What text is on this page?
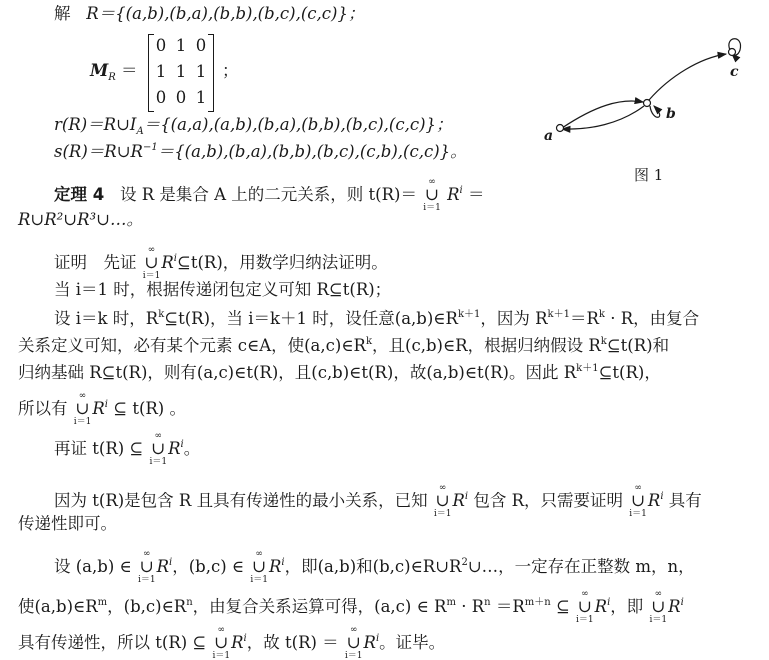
解 R＝{(a,b),(b,a),(b,b),(b,c),(c,c)}；
$M_R$ ＝
0 1 0
1 1 1
0 0 1
；
$r(R)=R\cup I_A=\{(a,a),(a,b),(b,a),(b,b),(b,c),(c,c)\}$；
$s(R)=R\cup R^{-1}=\{(a,b),(b,a),(b,b),(b,c),(c,b),(c,c)\}$。
a
b
c
图 1
定理 4 设 R 是集合 A 上的二元关系，则 t(R)＝
∞
∪
i＝1
$R^i$ ＝
R∪R²∪R³∪…。
证明　先证
∞
∪
i＝1
$R^i⊆t(R)$，用数学归纳法证明。
当 i＝1 时，根据传递闭包定义可知 R⊆t(R)；
设 i＝k 时，$R^k⊆t(R)$，当 i＝k＋1 时，设任意$(a,b)\in R^{k+1}$，因为 $R^{k+1}=R^k \cdot R$，由复合
关系定义可知，必有某个元素 c∈A，使$(a,c)\in R^k$，且(c,b)∈R，根据归纳假设 $R^k⊆t(R)$和
归纳基础 R⊆t(R)，则有(a,c)∈t(R)，且(c,b)∈t(R)，故(a,b)∈t(R)。因此 $R^{k+1}⊆t(R)$，
所以有
∞
∪
i＝1
$R^i$ ⊆ t(R) 。
再证 t(R) ⊆
∞
∪
i＝1
$R^i$。
因为 t(R)是包含 R 且具有传递性的最小关系，已知
∞
∪
i＝1
$R^i$ 包含 R，只需要证明
∞
∪
i＝1
$R^i$ 具有
传递性即可。
设 (a,b) ∈
∞
∪
i＝1
$R^i$，(b,c) ∈
∞
∪
i＝1
$R^i$，即(a,b)和$(b,c)\in R\cup R^2\cup\dots$，一定存在正整数 m，n，
使$(a,b)\in R^m$，$(b,c)\in R^n$，由复合关系运算可得，(a,c) ∈ $R^m \cdot R^n =R^{m+n}$ ⊆
∞
∪
i＝1
$R^i$，即
∞
∪
i＝1
$R^i$
具有传递性，所以 t(R) ⊆
∞
∪
i＝1
$R^i$，故 t(R) ＝
∞
∪
i＝1
$R^i$。证毕。
